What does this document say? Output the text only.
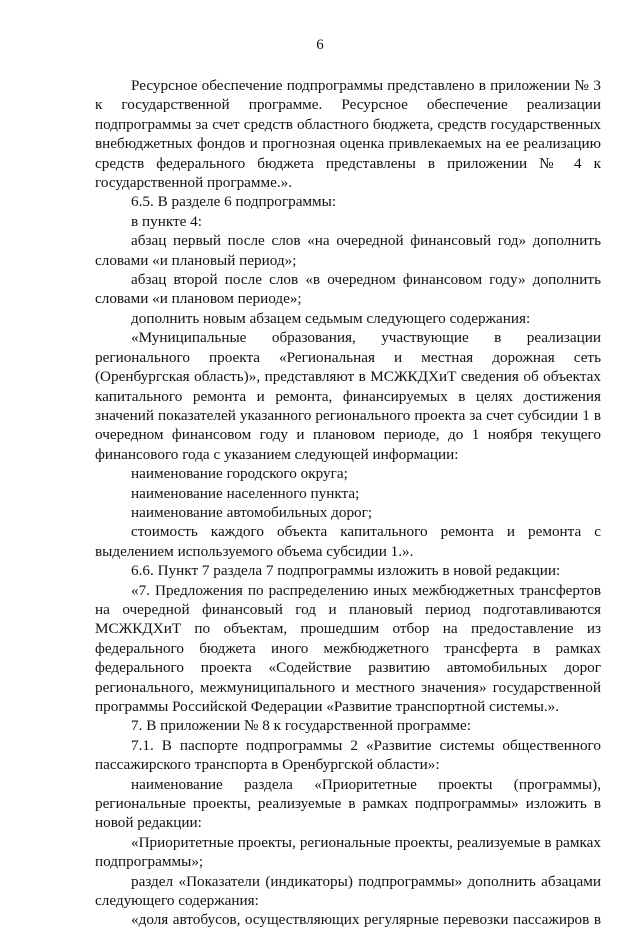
6

Ресурсное обеспечение подпрограммы представлено в приложении № 3 к государственной программе. Ресурсное обеспечение реализации подпрограммы за счет средств областного бюджета, средств государственных внебюджетных фондов и прогнозная оценка привлекаемых на ее реализацию средств федерального бюджета представлены в приложении № 4 к государственной программе.».

6.5. В разделе 6 подпрограммы:

в пункте 4:

абзац первый после слов «на очередной финансовый год» дополнить словами «и плановый период»;

абзац второй после слов «в очередном финансовом году» дополнить словами «и плановом периоде»;

дополнить новым абзацем седьмым следующего содержания:

«Муниципальные образования, участвующие в реализации регионального проекта «Региональная и местная дорожная сеть (Оренбургская область)», представляют в МСЖКДХиТ сведения об объектах капитального ремонта и ремонта, финансируемых в целях достижения значений показателей указанного регионального проекта за счет субсидии 1 в очередном финансовом году и плановом периоде, до 1 ноября текущего финансового года с указанием следующей информации:

наименование городского округа;

наименование населенного пункта;

наименование автомобильных дорог;

стоимость каждого объекта капитального ремонта и ремонта с выделением используемого объема субсидии 1.».

6.6. Пункт 7 раздела 7 подпрограммы изложить в новой редакции:

«7. Предложения по распределению иных межбюджетных трансфертов на очередной финансовый год и плановый период подготавливаются МСЖКДХиТ по объектам, прошедшим отбор на предоставление из федерального бюджета иного межбюджетного трансферта в рамках федерального проекта «Содействие развитию автомобильных дорог регионального, межмуниципального и местного значения» государственной программы Российской Федерации «Развитие транспортной системы.».

7. В приложении № 8 к государственной программе:

7.1. В паспорте подпрограммы 2 «Развитие системы общественного пассажирского транспорта в Оренбургской области»:

наименование раздела «Приоритетные проекты (программы), региональные проекты, реализуемые в рамках подпрограммы» изложить в новой редакции:

«Приоритетные проекты, региональные проекты, реализуемые в рамках подпрограммы»;

раздел «Показатели (индикаторы) подпрограммы» дополнить абзацами следующего содержания:

«доля автобусов, осуществляющих регулярные перевозки пассажиров в
